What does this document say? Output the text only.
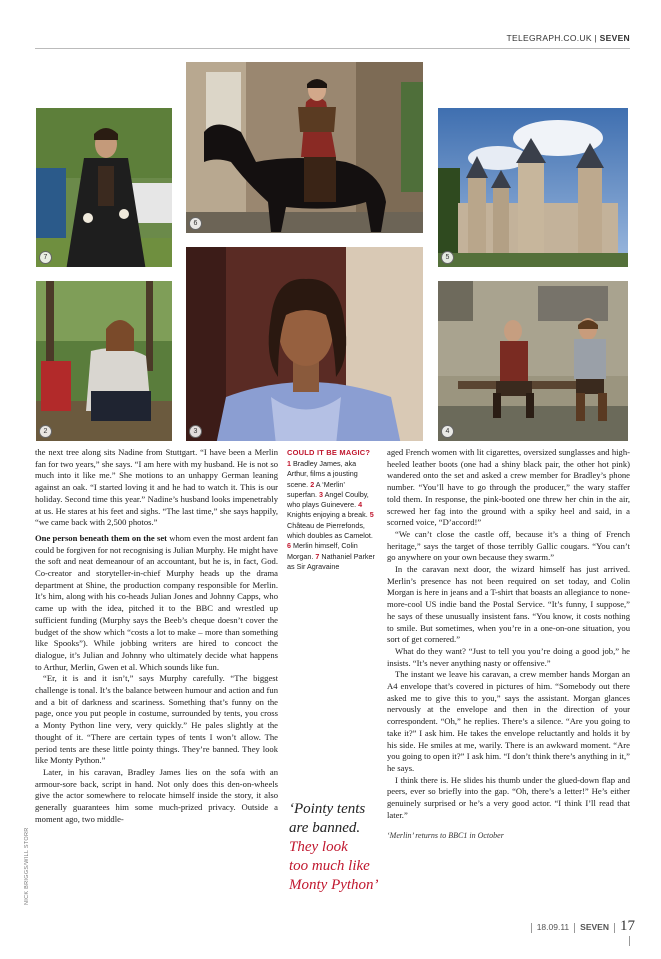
TELEGRAPH.CO.UK | SEVEN
7
6
5
2	3	4

the next tree along sits Nadine from Stuttgart. “I have been a Merlin fan for two years,” she says. “I am here with my husband. He is not so much into it like me.” She motions to an unhappy German leaning against an oak. “I started loving it and he had to watch it. This is our holiday. Second time this year.” Nadine’s husband looks impenetrably at us. He stares at his feet and sighs. “The last time,” she says happily, “we came back with 2,500 photos.”

One person beneath them on the set whom even the most ardent fan could be forgiven for not recognising is Julian Murphy. He might have the soft and neat demeanour of an accountant, but he is, in fact, God. Co-creator and storyteller-in-chief Murphy heads up the drama department at Shine, the production company responsible for Merlin. It’s him, along with his co-heads Julian Jones and Johnny Capps, who came up with the idea, pitched it to the BBC and wrestled up sufficient funding (Murphy says the Beeb’s cheque doesn’t cover the budget of the show which “costs a lot to make – more than something like Spooks”). While jobbing writers are hired to concoct the dialogue, it’s Julian and Johnny who ultimately decide what happens to Arthur, Merlin, Gwen et al. Which sounds like fun.

“Er, it is and it isn’t,” says Murphy carefully. “The biggest challenge is tonal. It’s the balance between humour and action and fun and a bit of darkness and scariness. Something that’s funny on the page, once you put people in costume, surrounded by tents, you cross a Monty Python line very, very quickly.” He pales slightly at the thought of it. “There are certain types of tents I won’t allow. The period tents are these little pointy things. They’re banned. They look like Monty Python.”

Later, in his caravan, Bradley James lies on the sofa with an armour-sore back, script in hand. Not only does this den-on-wheels give the actor somewhere to relocate himself inside the story, it also generally guarantees him some much-prized privacy. Outside a moment ago, two middle-

COULD IT BE MAGIC?
1 Bradley James, aka Arthur, films a jousting scene. 2 A ‘Merlin’ superfan. 3 Angel Coulby, who plays Guinevere. 4 Knights enjoying a break. 5 Château de Pierrefonds, which doubles as Camelot. 6 Merlin himself, Colin Morgan. 7 Nathaniel Parker as Sir Agravaine
‘Pointy tents
are banned.
They look
too much like
Monty Python’

aged French women with lit cigarettes, oversized sunglasses and high-heeled leather boots (one had a shiny black pair, the other hot pink) wandered onto the set and asked a crew member for Bradley’s phone number. “You’ll have to go through the producer,” the wary staffer told them. In response, the pink-booted one threw her chin in the air, screwed her fag into the ground with a spiky heel and said, in a scorned voice, “D’accord!”

“We can’t close the castle off, because it’s a thing of French heritage,” says the target of those terribly Gallic cougars. “You can’t go anywhere on your own because they swarm.”

In the caravan next door, the wizard himself has just arrived. Merlin’s presence has not been required on set today, and Colin Morgan is here in jeans and a T-shirt that boasts an allegiance to none-more-cool US indie band the Postal Service. “It’s funny, I suppose,” he says of these unusually insistent fans. “You know, it costs nothing to smile. But sometimes, when you’re in a one-on-one situation, you sort of get cornered.”

What do they want? “Just to tell you you’re doing a good job,” he insists. “It’s never anything nasty or offensive.”

The instant we leave his caravan, a crew member hands Morgan an A4 envelope that’s covered in pictures of him. “Somebody out there asked me to give this to you,” says the assistant. Morgan glances nervously at the envelope and then in the direction of your correspondent. “Oh,” he replies. There’s a silence. “Are you going to take it?” I ask him. He takes the envelope reluctantly and holds it by his side. He smiles at me, warily. There is an awkward moment. “Are you going to open it?” I ask him. “I don’t think there’s anything in it,” he says.

I think there is. He slides his thumb under the glued-down flap and peers, ever so briefly into the gap. “Oh, there’s a letter!” He’s either genuinely surprised or he’s a very good actor. “I think I’ll read that later.”

‘Merlin’ returns to BBC1 in October

NICK BRIGGS/WILL STORR
18.09.11 SEVEN 17
